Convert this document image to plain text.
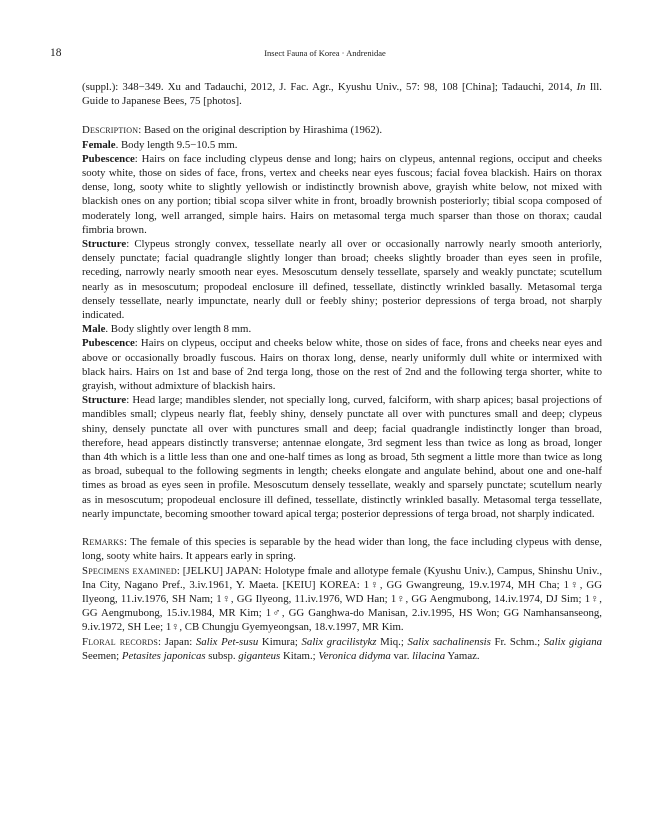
18	Insect Fauna of Korea · Andrenidae

(suppl.): 348−349. Xu and Tadauchi, 2012, J. Fac. Agr., Kyushu Univ., 57: 98, 108 [China]; Tadauchi, 2014, In Ill. Guide to Japanese Bees, 75 [photos].

Description: Based on the original description by Hirashima (1962).

Female. Body length 9.5−10.5 mm.

Pubescence: Hairs on face including clypeus dense and long; hairs on clypeus, antennal regions, occiput and cheeks sooty white, those on sides of face, frons, vertex and cheeks near eyes fuscous; facial fovea blackish. Hairs on thorax dense, long, sooty white to slightly yellowish or indistinctly brownish above, grayish white below, not mixed with blackish ones on any portion; tibial scopa silver white in front, broadly brownish posteriorly; tibial scopa composed of moderately long, well arranged, simple hairs. Hairs on metasomal terga much sparser than those on thorax; caudal fimbria brown.

Structure: Clypeus strongly convex, tessellate nearly all over or occasionally narrowly nearly smooth anteriorly, densely punctate; facial quadrangle slightly longer than broad; cheeks slightly broader than eyes seen in profile, receding, narrowly nearly smooth near eyes. Mesoscutum densely tessellate, sparsely and weakly punctate; scutellum nearly as in mesoscutum; propodeal enclosure ill defined, tessellate, distinctly wrinkled basally. Metasomal terga densely tessellate, nearly impunctate, nearly dull or feebly shiny; posterior depressions of terga broad, not sharply indicated.

Male. Body slightly over length 8 mm.

Pubescence: Hairs on clypeus, occiput and cheeks below white, those on sides of face, frons and cheeks near eyes and above or occasionally broadly fuscous. Hairs on thorax long, dense, nearly uniformly dull white or intermixed with black hairs. Hairs on 1st and base of 2nd terga long, those on the rest of 2nd and the following terga shorter, white to grayish, without admixture of blackish hairs.

Structure: Head large; mandibles slender, not specially long, curved, falciform, with sharp apices; basal projections of mandibles small; clypeus nearly flat, feebly shiny, densely punctate all over with punctures small and deep; clypeus shiny, densely punctate all over with punctures small and deep; facial quadrangle indistinctly longer than broad, therefore, head appears distinctly transverse; antennae elongate, 3rd segment less than twice as long as broad, longer than 4th which is a little less than one and one-half times as long as broad, 5th segment a little more than twice as long as broad, subequal to the following segments in length; cheeks elongate and angulate behind, about one and one-half times as broad as eyes seen in profile. Mesoscutum densely tessellate, weakly and sparsely punctate; scutellum nearly as in mesoscutum; propodeual enclosure ill defined, tessellate, distinctly wrinkled basally. Metasomal terga tessellate, nearly impunctate, becoming smoother toward apical terga; posterior depressions of terga broad, not sharply indicated.

Remarks: The female of this species is separable by the head wider than long, the face including clypeus with dense, long, sooty white hairs. It appears early in spring.

Specimens examined: [JELKU] JAPAN: Holotype fmale and allotype female (Kyushu Univ.), Campus, Shinshu Univ., Ina City, Nagano Pref., 3.iv.1961, Y. Maeta. [KEIU] KOREA: 1♀, GG Gwangreung, 19.v.1974, MH Cha; 1♀, GG Ilyeong, 11.iv.1976, SH Nam; 1♀, GG Ilyeong, 11.iv.1976, WD Han; 1♀, GG Aengmubong, 14.iv.1974, DJ Sim; 1♀, GG Aengmubong, 15.iv.1984, MR Kim; 1♂, GG Ganghwa-do Manisan, 2.iv.1995, HS Won; GG Namhansanseong, 9.iv.1972, SH Lee; 1♀, CB Chungju Gyemyeongsan, 18.v.1997, MR Kim.

Floral records: Japan: Salix Pet-susu Kimura; Salix gracilistykz Miq.; Salix sachalinensis Fr. Schm.; Salix gigiana Seemen; Petasites japonicas subsp. giganteus Kitam.; Veronica didyma var. lilacina Yamaz.
